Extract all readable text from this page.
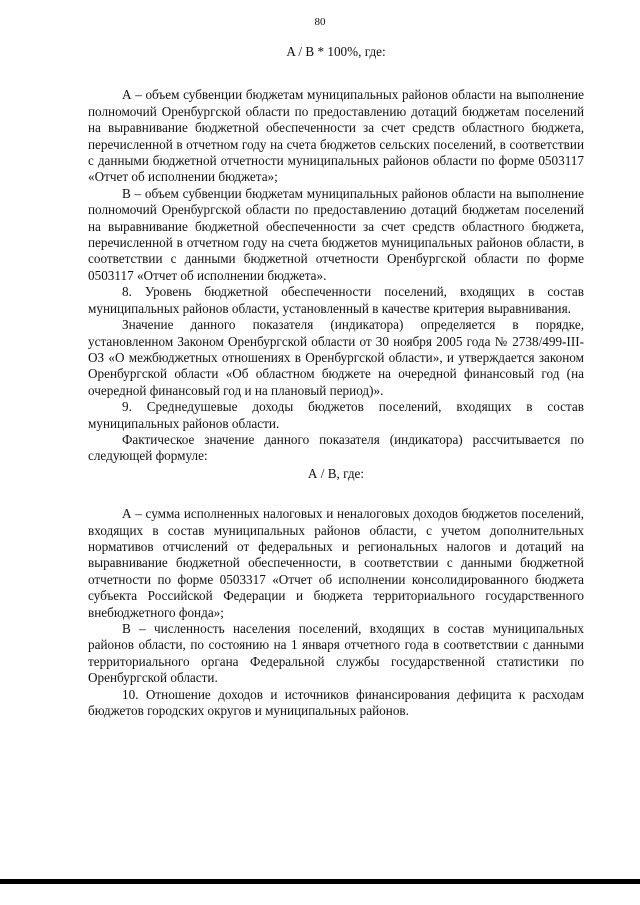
80

A / B * 100%, где:

А – объем субвенции бюджетам муниципальных районов области на выполнение полномочий Оренбургской области по предоставлению дотаций бюджетам поселений на выравнивание бюджетной обеспеченности за счет средств областного бюджета, перечисленной в отчетном году на счета бюджетов сельских поселений, в соответствии с данными бюджетной отчетности муниципальных районов области по форме 0503117 «Отчет об исполнении бюджета»;

В – объем субвенции бюджетам муниципальных районов области на выполнение полномочий Оренбургской области по предоставлению дотаций бюджетам поселений на выравнивание бюджетной обеспеченности за счет средств областного бюджета, перечисленной в отчетном году на счета бюджетов муниципальных районов области, в соответствии с данными бюджетной отчетности Оренбургской области по форме 0503117 «Отчет об исполнении бюджета».

8. Уровень бюджетной обеспеченности поселений, входящих в состав муниципальных районов области, установленный в качестве критерия выравнивания.

Значение данного показателя (индикатора) определяется в порядке, установленном Законом Оренбургской области от 30 ноября 2005 года № 2738/499-III-ОЗ «О межбюджетных отношениях в Оренбургской области», и утверждается законом Оренбургской области «Об областном бюджете на очередной финансовый год (на очередной финансовый год и на плановый период)».

9. Среднедушевые доходы бюджетов поселений, входящих в состав муниципальных районов области.

Фактическое значение данного показателя (индикатора) рассчитывается по следующей формуле:

А / В, где:

А – сумма исполненных налоговых и неналоговых доходов бюджетов поселений, входящих в состав муниципальных районов области, с учетом дополнительных нормативов отчислений от федеральных и региональных налогов и дотаций на выравнивание бюджетной обеспеченности, в соответствии с данными бюджетной отчетности по форме 0503317 «Отчет об исполнении консолидированного бюджета субъекта Российской Федерации и бюджета территориального государственного внебюджетного фонда»;

В – численность населения поселений, входящих в состав муниципальных районов области, по состоянию на 1 января отчетного года в соответствии с данными территориального органа Федеральной службы государственной статистики по Оренбургской области.

10. Отношение доходов и источников финансирования дефицита к расходам бюджетов городских округов и муниципальных районов.
